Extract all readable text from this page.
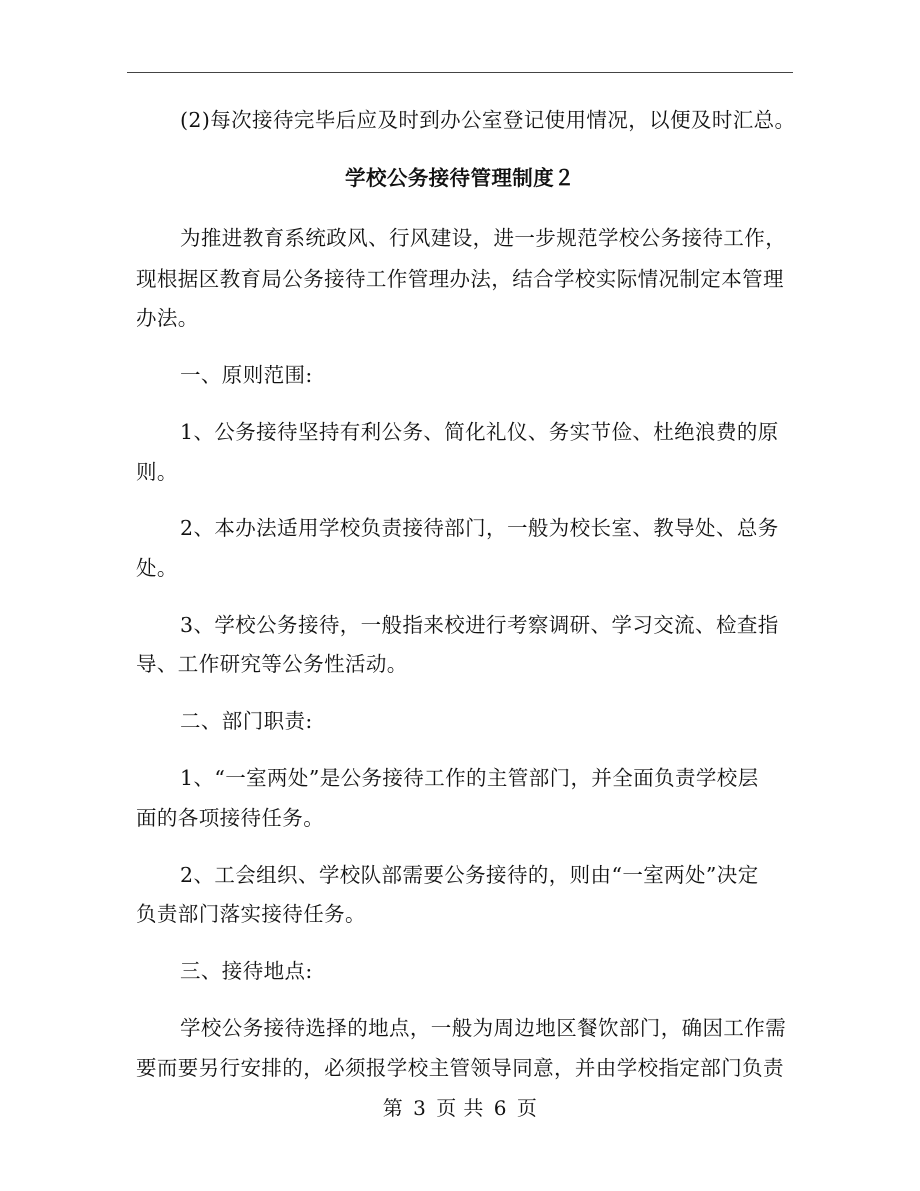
(2)每次接待完毕后应及时到办公室登记使用情况，以便及时汇总。
学校公务接待管理制度２
为推进教育系统政风、行风建设，进一步规范学校公务接待工作，
现根据区教育局公务接待工作管理办法，结合学校实际情况制定本管理
办法。
一、原则范围:
1、公务接待坚持有利公务、简化礼仪、务实节俭、杜绝浪费的原
则。
2、本办法适用学校负责接待部门，一般为校长室、教导处、总务
处。
3、学校公务接待，一般指来校进行考察调研、学习交流、检查指
导、工作研究等公务性活动。
二、部门职责:
1、“一室两处”是公务接待工作的主管部门，并全面负责学校层
面的各项接待任务。
2、工会组织、学校队部需要公务接待的，则由“一室两处”决定
负责部门落实接待任务。
三、接待地点:
学校公务接待选择的地点，一般为周边地区餐饮部门，确因工作需
要而要另行安排的，必须报学校主管领导同意，并由学校指定部门负责
第 3 页 共 6 页
